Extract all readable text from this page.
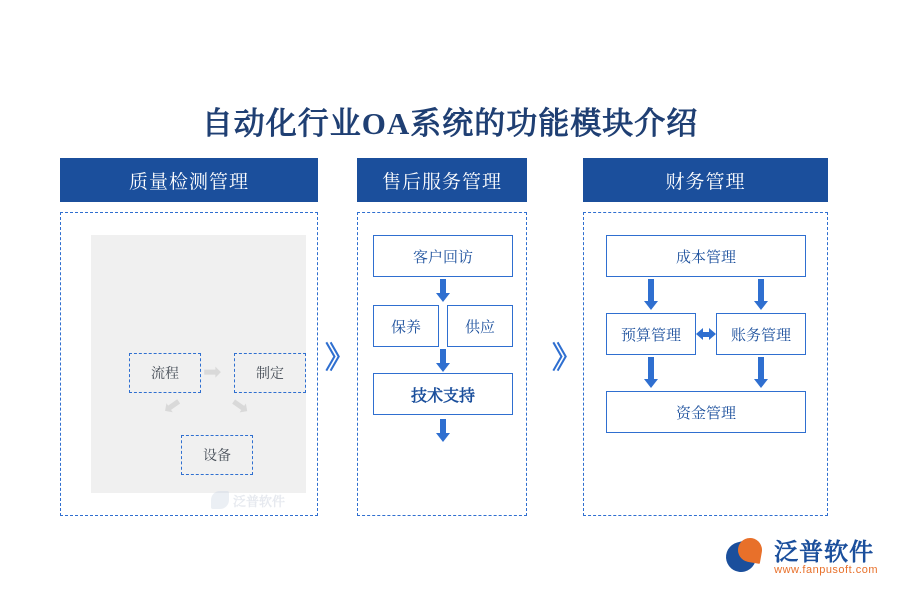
自动化行业OA系统的功能模块介绍
质量检测管理
流程	制定
设备
➡
➡
➡
泛普软件
》
售后服务管理
客户回访
保养	供应
技术支持
》
财务管理
成本管理
预算管理	账务管理
资金管理
泛普软件
www.fanpusoft.com
